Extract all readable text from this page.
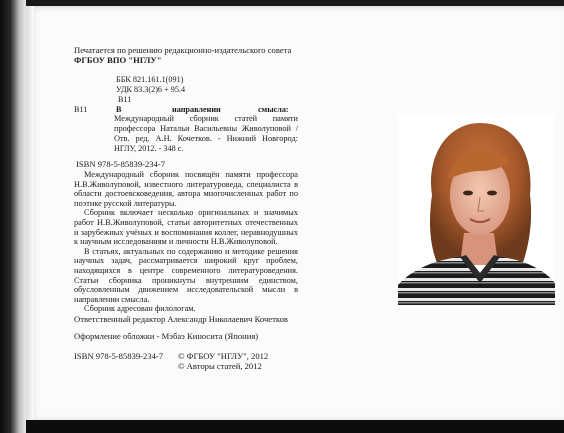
Печатается по решению редакционно-издательского совета
ФГБОУ ВПО "НГЛУ"
ББК 821.161.1(091)
УДК 83.3(2)6 + 95.4
В11
В11	В	направлении	смысла:
Международный сборник статей памяти
профессора Натальи Васильевны Живолуповой /
Отв. ред. А.Н. Кочетков. - Нижний Новгород:
НГЛУ, 2012. - 348 с.
ISBN 978-5-85839-234-7

Международный сборник посвящён памяти профессора Н.В.Живолуповой, известного литературоведа, специалиста в области достоевсковедения, автора многочисленных работ по поэтике русской литературы.

Сборник включает несколько оригинальных и значимых работ Н.В.Живолуповой, статьи авторитетных отечественных и зарубежных учёных и воспоминания коллег, неравнодушных к научным исследованиям и личности Н.В.Живолуповой.

В статьях, актуальных по содержанию и методике решения научных задач, рассматривается широкий круг проблем, находящихся в центре современного литературоведения. Статьи сборника проникнуты внутренним единством, обусловленным движением исследовательской мысли в направлении смысла.

Сборник адресован филологам.

Ответственный редактор Александр Николаевич Кочетков
Оформление обложки - Мэбаэ Киносита (Япония)
ISBN 978-5-85839-234-7 © ФГБОУ "НГЛУ", 2012
© Авторы статей, 2012
